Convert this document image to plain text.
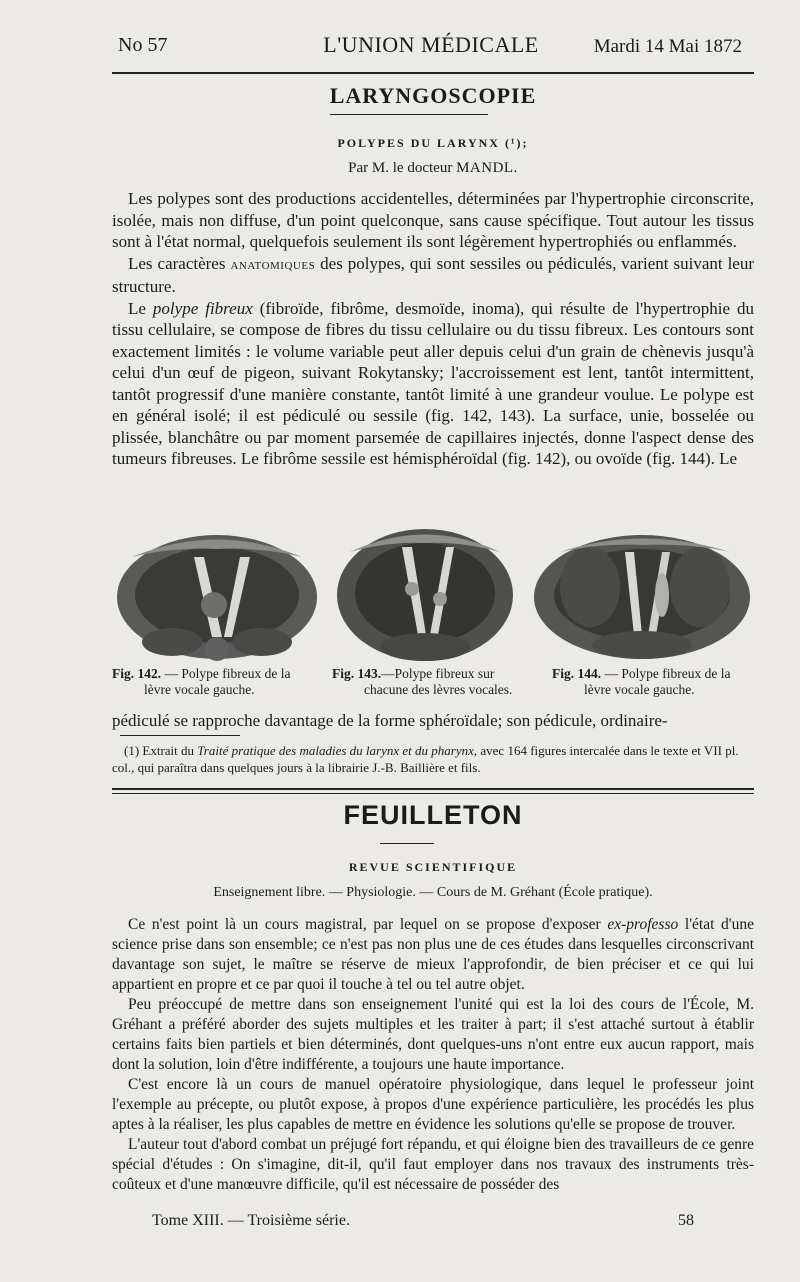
No 57	L'UNION MÉDICALE	Mardi 14 Mai 1872
LARYNGOSCOPIE
POLYPES DU LARYNX (¹);
Par M. le docteur MANDL.

Les polypes sont des productions accidentelles, déterminées par l'hypertrophie circonscrite, isolée, mais non diffuse, d'un point quelconque, sans cause spécifique. Tout autour les tissus sont à l'état normal, quelquefois seulement ils sont légèrement hypertrophiés ou enflammés.

Les caractères anatomiques des polypes, qui sont sessiles ou pédiculés, varient suivant leur structure.

Le polype fibreux (fibroïde, fibrôme, desmoïde, inoma), qui résulte de l'hypertrophie du tissu cellulaire, se compose de fibres du tissu cellulaire ou du tissu fibreux. Les contours sont exactement limités : le volume variable peut aller depuis celui d'un grain de chènevis jusqu'à celui d'un œuf de pigeon, suivant Rokytansky; l'accroissement est lent, tantôt intermittent, tantôt progressif d'une manière constante, tantôt limité à une grandeur voulue. Le polype est en général isolé; il est pédiculé ou sessile (fig. 142, 143). La surface, unie, bosselée ou plissée, blanchâtre ou par moment parsemée de capillaires injectés, donne l'aspect dense des tumeurs fibreuses. Le fibrôme sessile est hémisphéroïdal (fig. 142), ou ovoïde (fig. 144). Le

Fig. 142. — Polype fibreux de la
lèvre vocale gauche.
Fig. 143.—Polype fibreux sur
chacune des lèvres vocales.
Fig. 144. — Polype fibreux de la
lèvre vocale gauche.

pédiculé se rapproche davantage de la forme sphéroïdale; son pédicule, ordinaire-

(1) Extrait du Traité pratique des maladies du larynx et du pharynx, avec 164 figures intercalée dans le texte et VII pl. col., qui paraîtra dans quelques jours à la librairie J.-B. Baillière et fils.

FEUILLETON
REVUE SCIENTIFIQUE
Enseignement libre. — Physiologie. — Cours de M. Gréhant (École pratique).

Ce n'est point là un cours magistral, par lequel on se propose d'exposer ex-professo l'état d'une science prise dans son ensemble; ce n'est pas non plus une de ces études dans lesquelles circonscrivant davantage son sujet, le maître se réserve de mieux l'approfondir, de bien préciser et ce qui lui appartient en propre et ce par quoi il touche à tel ou tel autre objet.

Peu préoccupé de mettre dans son enseignement l'unité qui est la loi des cours de l'École, M. Gréhant a préféré aborder des sujets multiples et les traiter à part; il s'est attaché surtout à établir certains faits bien partiels et bien déterminés, dont quelques-uns n'ont entre eux aucun rapport, mais dont la solution, loin d'être indifférente, a toujours une haute importance.

C'est encore là un cours de manuel opératoire physiologique, dans lequel le professeur joint l'exemple au précepte, ou plutôt expose, à propos d'une expérience particulière, les procédés les plus aptes à la réaliser, les plus capables de mettre en évidence les solutions qu'elle se propose de trouver.

L'auteur tout d'abord combat un préjugé fort répandu, et qui éloigne bien des travailleurs de ce genre spécial d'études : On s'imagine, dit-il, qu'il faut employer dans nos travaux des instruments très-coûteux et d'une manœuvre difficile, qu'il est nécessaire de posséder des

Tome XIII. — Troisième série.	58
